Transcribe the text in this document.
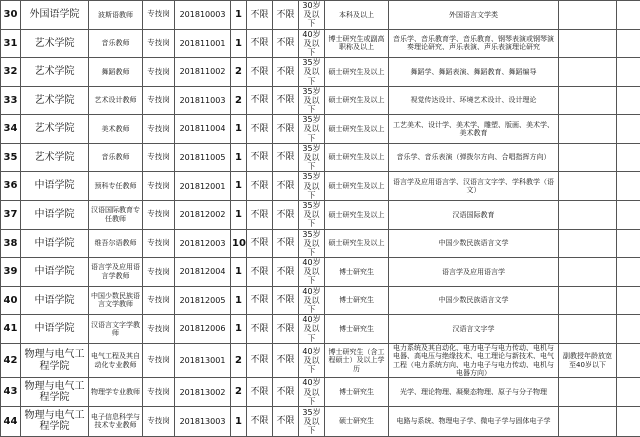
30	外国语学院	波斯语教师	专技岗	201810003	1	不限	不限	30岁及以下	本科及以上	外国语言文学类		
31	艺术学院	音乐教师	专技岗	201811001	1	不限	不限	40岁及以下	博士研究生或副高职称及以上	音乐学、音乐教育学、音乐教育、钢琴表演或钢琴演奏理论研究、声乐表演、声乐表演理论研究		
32	艺术学院	舞蹈教师	专技岗	201811002	2	不限	不限	35岁及以下	硕士研究生及以上	舞蹈学、舞蹈表演、舞蹈教育、舞蹈编导		
33	艺术学院	艺术设计教师	专技岗	201811003	2	不限	不限	35岁及以下	硕士研究生及以上	视觉传达设计、环境艺术设计、设计理论		
34	艺术学院	美术教师	专技岗	201811004	1	不限	不限	35岁及以下	硕士研究生及以上	工艺美术、设计学、美术学、雕塑、版画、美术学、美术教育		
35	艺术学院	音乐教师	专技岗	201811005	1	不限	不限	35岁及以下	硕士研究生及以上	音乐学、音乐表演（弹拨尔方向、合唱指挥方向）		
36	中语学院	预科专任教师	专技岗	201812001	1	不限	不限	35岁及以下	硕士研究生及以上	语言学及应用语言学、汉语言文字学、学科教学（语文）		
37	中语学院	汉语国际教育专任教师	专技岗	201812002	1	不限	不限	35岁及以下	硕士研究生及以上	汉语国际教育		
38	中语学院	维吾尔语教师	专技岗	201812003	10	不限	不限	35岁及以下	硕士研究生及以上	中国少数民族语言文学		
39	中语学院	语言学及应用语言学教师	专技岗	201812004	1	不限	不限	40岁及以下	博士研究生	语言学及应用语言学		
40	中语学院	中国少数民族语言文学教师	专技岗	201812005	1	不限	不限	40岁及以下	博士研究生	中国少数民族语言文学		
41	中语学院	汉语言文字学教师	专技岗	201812006	1	不限	不限	40岁及以下	博士研究生	汉语言文字学		
42	物理与电气工程学院	电气工程及其自动化专业教师	专技岗	201813001	2	不限	不限	40岁及以下	博士研究生（含工程硕士）及以上学历	电力系统及其自动化、电力电子与电力传动、电机与电器、高电压与绝缘技术、电工理论与新技术、电气工程（电力系统方向、电力电子与电力传动、电机与电器方向）	副教授年龄放宽至40岁以下	
43	物理与电气工程学院	物理学专业教师	专技岗	201813002	2	不限	不限	40岁及以下	博士研究生	光学、理论物理、凝聚态物理、原子与分子物理		
44	物理与电气工程学院	电子信息科学与技术专业教师	专技岗	201813003	1	不限	不限	35岁及以下	硕士研究生	电路与系统、物理电子学、微电子学与固体电子学		
